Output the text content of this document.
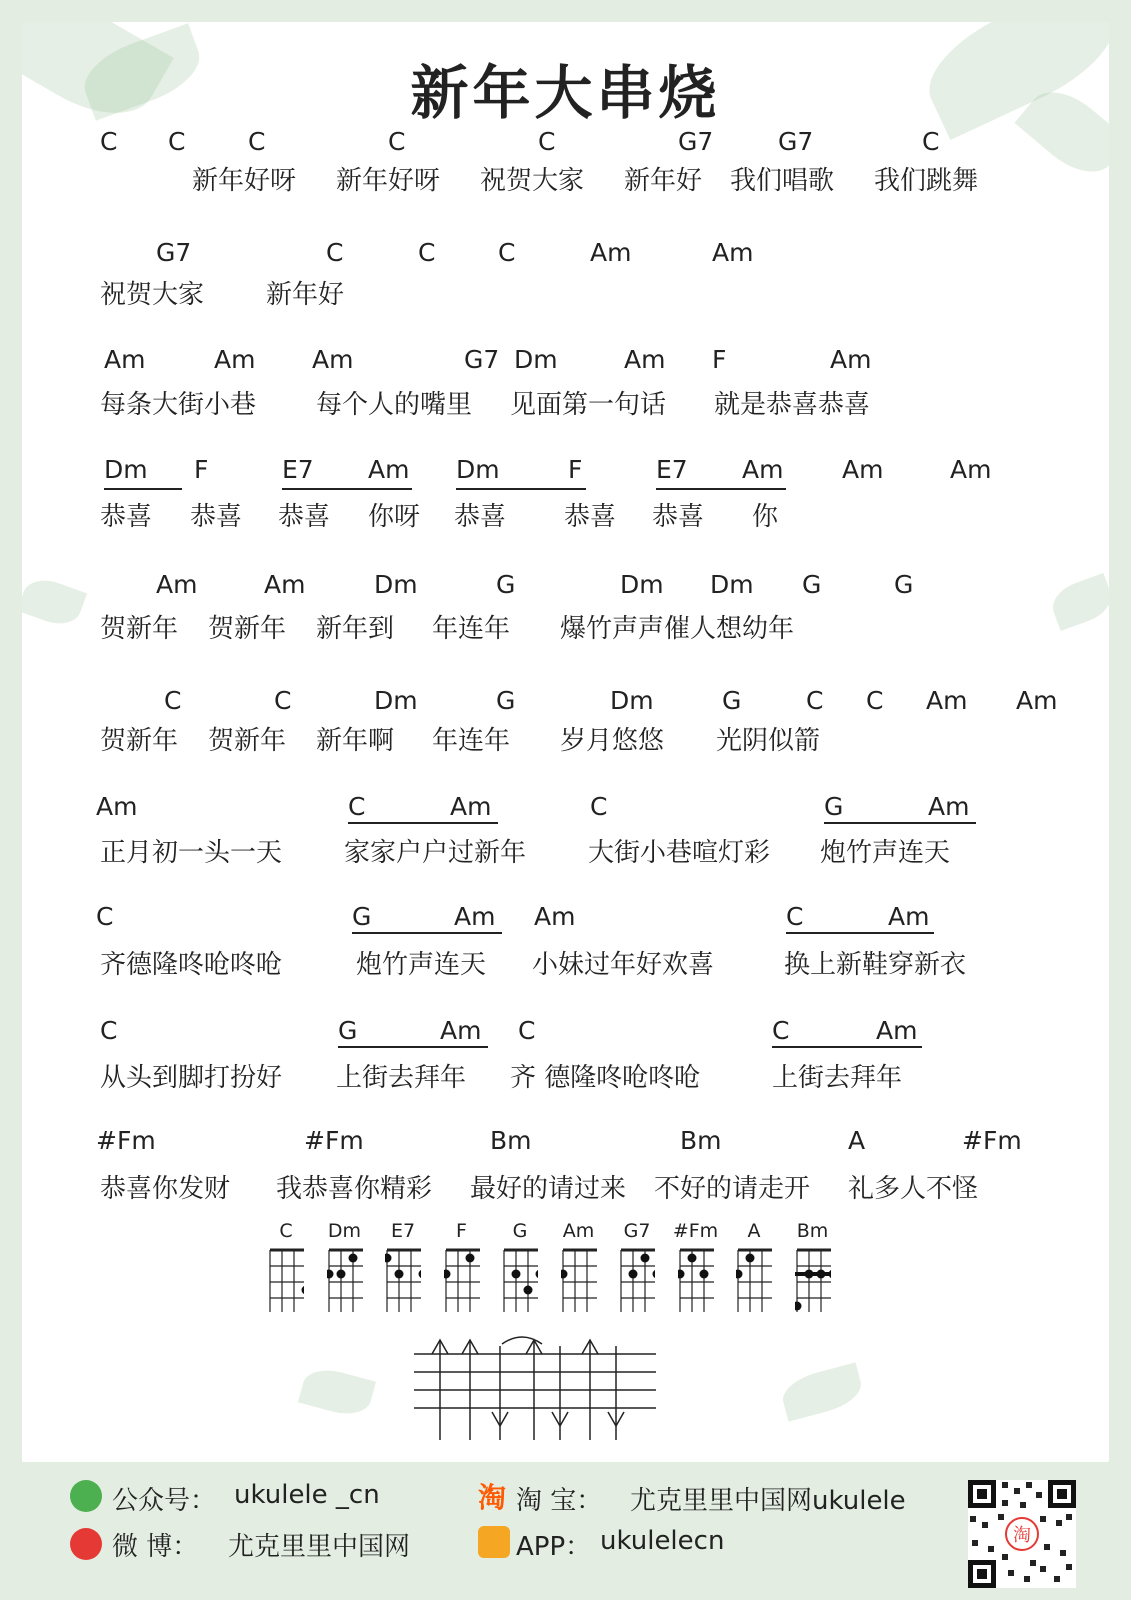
新年大串烧
C C	C	C	C	G7	G7	C
新年好呀 新年好呀 祝贺大家 新年好 我们唱歌 我们跳舞
G7	C	C	C	Am	Am
祝贺大家 新年好
Am	Am Am	G7 Dm	Am F	Am
每条大街小巷 每个人的嘴里 见面第一句话 就是恭喜恭喜
Dm F	E7 Am Dm	F	E7 Am Am	Am
恭喜 恭喜 恭喜 你呀 恭喜 恭喜 恭喜 你
Am	Am	Dm	G	Dm Dm G	G
贺新年 贺新年 新年到 年连年 爆竹声声催人想幼年
C	C	Dm	G	Dm	G	C C Am Am
贺新年 贺新年 新年啊 年连年 岁月悠悠 光阴似箭
Am	C	Am	C	G	Am
正月初一头一天 家家户户过新年 大街小巷喧灯彩 炮竹声连天
C	G	Am Am	C	Am
齐德隆咚呛咚呛	炮竹声连天 小妹过年好欢喜	换上新鞋穿新衣
C	G	Am C	C	Am
从头到脚打扮好 上街去拜年 齐 德隆咚呛咚呛	上街去拜年
#Fm	#Fm	Bm	Bm	A	#Fm
恭喜你发财 我恭喜你精彩 最好的请过来 不好的请走开 礼多人不怪
C	Dm	E7	F	G	Am	G7	#Fm	A	Bm
公众号： ukulele _cn
微 博： 尤克里里中国网
淘 淘 宝： 尤克里里中国网ukulele
APP： ukulelecn	淘
